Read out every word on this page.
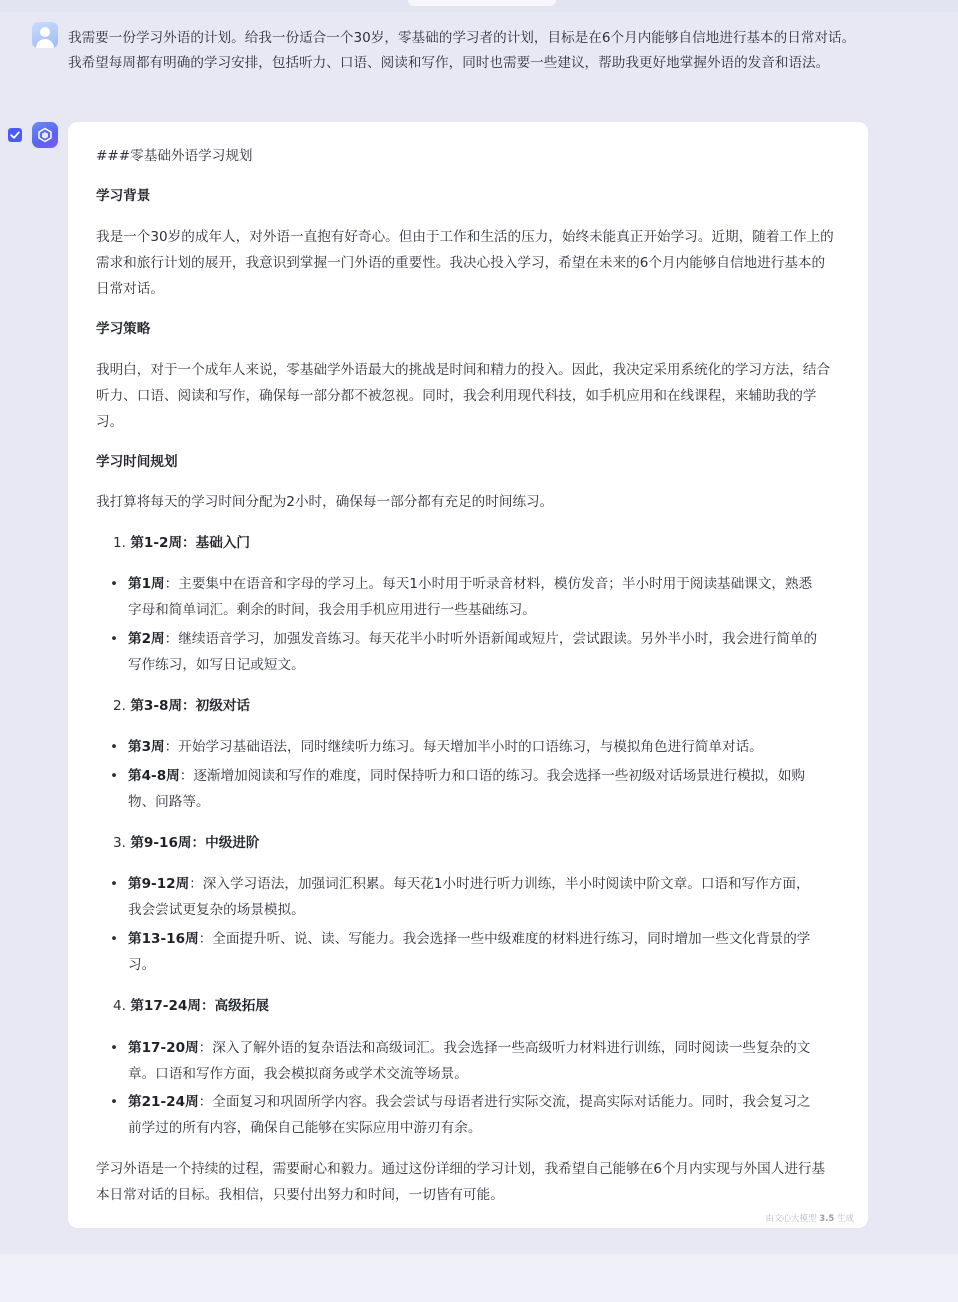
我需要一份学习外语的计划。给我一份适合一个30岁，零基础的学习者的计划，目标是在6个月内能够自信地进行基本的日常对话。我希望每周都有明确的学习安排，包括听力、口语、阅读和写作，同时也需要一些建议，帮助我更好地掌握外语的发音和语法。

###零基础外语学习规划
学习背景
我是一个30岁的成年人，对外语一直抱有好奇心。但由于工作和生活的压力，始终未能真正开始学习。近期，随着工作上的需求和旅行计划的展开，我意识到掌握一门外语的重要性。我决心投入学习，希望在未来的6个月内能够自信地进行基本的日常对话。
学习策略
我明白，对于一个成年人来说，零基础学外语最大的挑战是时间和精力的投入。因此，我决定采用系统化的学习方法，结合听力、口语、阅读和写作，确保每一部分都不被忽视。同时，我会利用现代科技，如手机应用和在线课程，来辅助我的学习。
学习时间规划
我打算将每天的学习时间分配为2小时，确保每一部分都有充足的时间练习。
1. 第1-2周：基础入门
• 第1周：主要集中在语音和字母的学习上。每天1小时用于听录音材料，模仿发音；半小时用于阅读基础课文，熟悉字母和简单词汇。剩余的时间，我会用手机应用进行一些基础练习。
• 第2周：继续语音学习，加强发音练习。每天花半小时听外语新闻或短片，尝试跟读。另外半小时，我会进行简单的写作练习，如写日记或短文。
2. 第3-8周：初级对话
• 第3周：开始学习基础语法，同时继续听力练习。每天增加半小时的口语练习，与模拟角色进行简单对话。
• 第4-8周：逐渐增加阅读和写作的难度，同时保持听力和口语的练习。我会选择一些初级对话场景进行模拟，如购物、问路等。
3. 第9-16周：中级进阶
• 第9-12周：深入学习语法，加强词汇积累。每天花1小时进行听力训练，半小时阅读中阶文章。口语和写作方面，我会尝试更复杂的场景模拟。
• 第13-16周：全面提升听、说、读、写能力。我会选择一些中级难度的材料进行练习，同时增加一些文化背景的学习。
4. 第17-24周：高级拓展
• 第17-20周：深入了解外语的复杂语法和高级词汇。我会选择一些高级听力材料进行训练，同时阅读一些复杂的文章。口语和写作方面，我会模拟商务或学术交流等场景。
• 第21-24周：全面复习和巩固所学内容。我会尝试与母语者进行实际交流，提高实际对话能力。同时，我会复习之前学过的所有内容，确保自己能够在实际应用中游刃有余。
学习外语是一个持续的过程，需要耐心和毅力。通过这份详细的学习计划，我希望自己能够在6个月内实现与外国人进行基本日常对话的目标。我相信，只要付出努力和时间，一切皆有可能。
由文心大模型 3.5 生成
